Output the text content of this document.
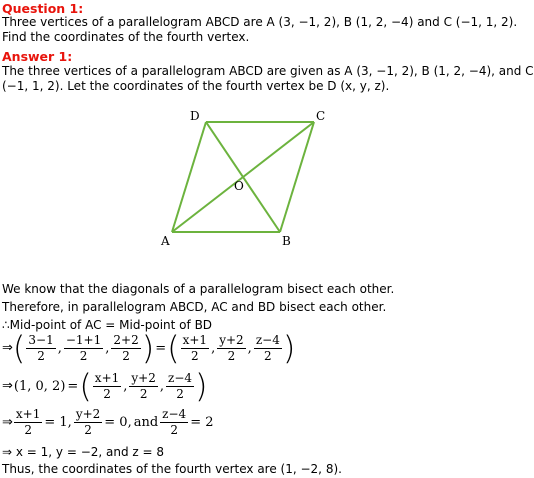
Question 1:
Three vertices of a parallelogram ABCD are A (3, −1, 2), B (1, 2, −4) and C (−1, 1, 2).
Find the coordinates of the fourth vertex.
Answer 1:
The three vertices of a parallelogram ABCD are given as A (3, −1, 2), B (1, 2, −4), and C
(−1, 1, 2). Let the coordinates of the fourth vertex be D (x, y, z).
D	C
O
A	B
We know that the diagonals of a parallelogram bisect each other.
Therefore, in parallelogram ABCD, AC and BD bisect each other.
∴Mid-point of AC = Mid-point of BD
⇒( $\frac{3-1}{2}$ , $\frac{-1+1}{2}$ , $\frac{2+2}{2}$ )=( $\frac{x+1}{2}$ , $\frac{y+2}{2}$ , $\frac{z-4}{2}$ )
⇒(1, 0, 2) =( $\frac{x+1}{2}$ , $\frac{y+2}{2}$ , $\frac{z-4}{2}$ )
⇒ $\frac{x+1}{2} = 1$, $\frac{y+2}{2} = 0$, and $\frac{z-4}{2} = 2$
⇒ x = 1, y = −2, and z = 8
Thus, the coordinates of the fourth vertex are (1, −2, 8).
